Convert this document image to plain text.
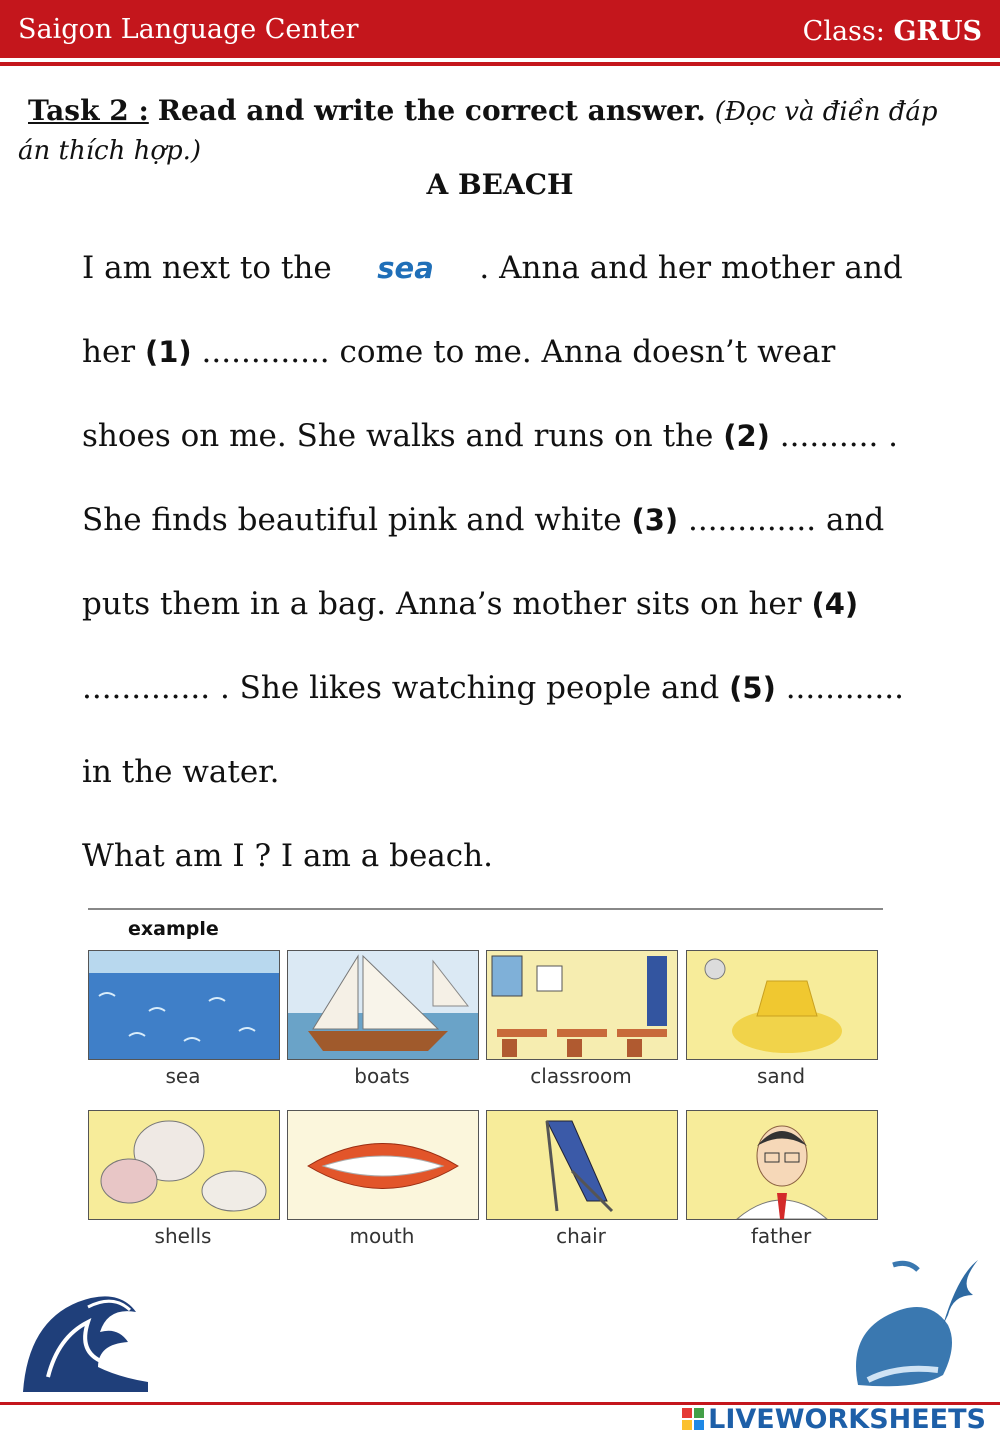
Saigon Language Center	Class: GRUS
Task 2 : Read and write the correct answer. (Đọc và điền đáp án thích hợp.)
A BEACH
I am next to the sea . Anna and her mother and
her (1) ............. come to me. Anna doesn’t wear
shoes on me. She walks and runs on the (2) .......... .
She finds beautiful pink and white (3) ............. and
puts them in a bag. Anna’s mother sits on her (4)
............. . She likes watching people and (5) ............
in the water.
What am I ? I am a beach.
example
sea	boats	classroom	sand
shells	mouth	chair	father
LIVEWORKSHEETS
